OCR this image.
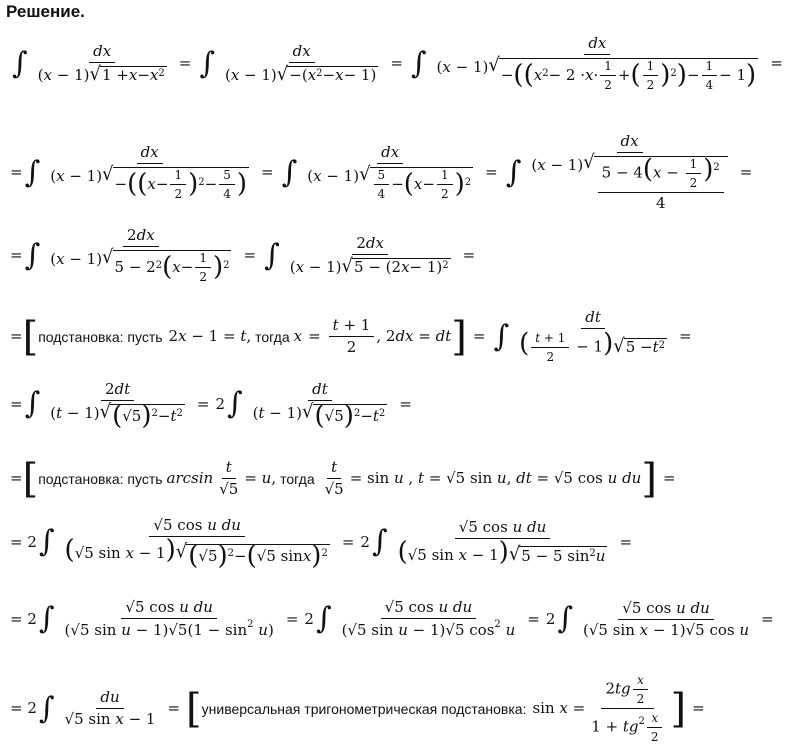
Решение.
∫ $\frac{dx}{(x - 1) √ 1 + x - x 2}$ = ∫ $\frac{dx}{(x - 1) √ -( x 2 - x - 1)}$ = ∫ $\frac{dx}{(x - 1) √ - (( x 2 - 2 \cdot x \cdot \frac{1}{2} + ( \frac{1}{2} ) 2 ) - \frac{1}{4} - 1 )}$ =
= ∫ $\frac{dx}{(x - 1) √ - ( ( x - \frac{1}{2} ) 2 - \frac{5}{4} )}$ = ∫ $\frac{dx}{(x - 1) √ \frac{5}{4} - ( x - \frac{1}{2} ) 2}$ = ∫ $\frac{dx}{(x - 1) √ \frac{5 - 4(x - \frac{1}{2} )^2}{4}}$ =
= ∫ $\frac{2dx}{(x - 1) √ 5 - 2 2 ( x - \frac{1}{2} ) 2}$ = ∫ $\frac{2dx}{(x - 1) √ 5 - (2 x - 1) 2}$ =
= [ подстановка: пусть 2x − 1 = t, тогда $x = \frac{t + 1}{2}$ , 2dx = dt ] = ∫ $\frac{dt}{( \frac{t + 1}{2} - 1) √ 5 - t 2}$ =
= ∫ $\frac{2dt}{(t - 1) √ ( √5 ) 2 - t 2} = 2$ ∫ $\frac{dt}{(t - 1) √ ( √5 ) 2 - t 2}$ =
= [ подстановка: пусть $\arcsin \frac{t}{√5} = u$, тогда $\frac{t}{√5} = \sin u$ , t = √5 sin u, dt = √5 cos u du ] =
= 2 ∫ $\frac{\text{√5 cos u du}}{\text{(√5 sin x − 1) √ ( √5 ) 2 − ( √5 sin x ) 2}} = 2$ ∫ $\frac{\text{√5 cos u du}}{\text{(√5 sin x − 1) √ 5 − 5 sin 2 u}}$ =
= 2 ∫ $\frac{\text{√5 cos u du}}{(√5 \sin u - 1)√5(1 - \sin^2 u)} = 2$ ∫ $\frac{\text{√5 cos u du}}{(√5 \sin u - 1)√5 \cos^2 u} = 2$ ∫ $\frac{\text{√5 cos u du}}{\text{(√5 sin x − 1)√5 cos u}}$ =
= 2 ∫ $\frac{du}{\text{√5 sin x − 1}}$ = [ универсальная тригонометрическая подстановка: $\sin x = \frac{2tg \frac{x}{2}}{1 + tg^2 \frac{x}{2}}$ ] =
